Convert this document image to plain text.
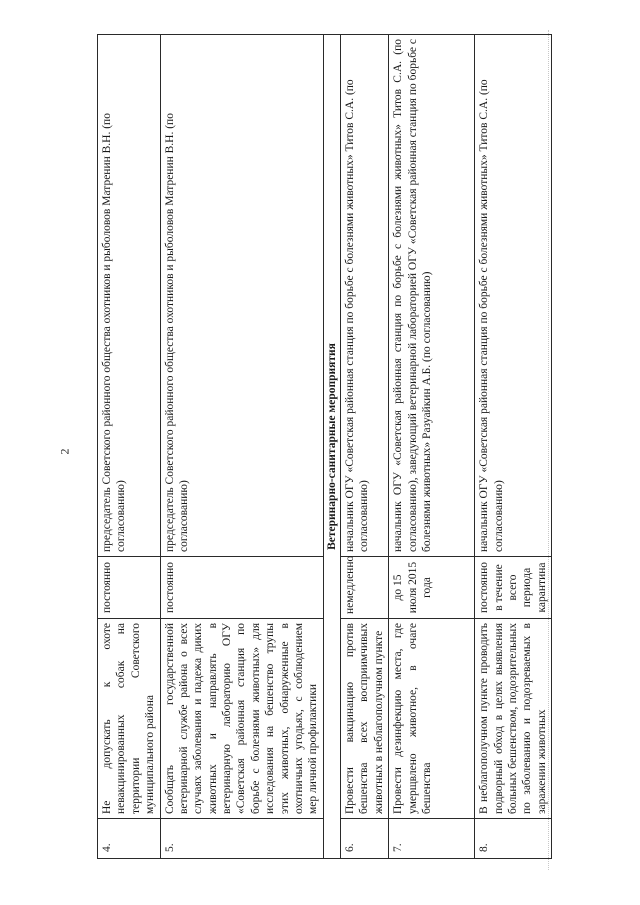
2
4.	Не допускать к охоте невакцинированных собак на территории Советского муниципального района	постоянно	председатель Советского районного общества охотников и рыболовов Матренин В.Н. (по согласованию)
5.	Сообщать государственной ветеринарной службе района о всех случаях заболевания и падежа диких животных и направлять в ветеринарную лабораторию ОГУ «Советская районная станция по борьбе с болезнями животных» для исследования на бешенство трупы этих животных, обнаруженные в охотничьих угодьях, с соблюдением мер личной профилактики	постоянно	председатель Советского районного общества охотников и рыболовов Матренин В.Н. (по согласованию)
Ветеринарно-санитарные мероприятия			
6.	Провести вакцинацию против бешенства всех восприимчивых животных в неблагополучном пункте	немедленно	начальник ОГУ «Советская районная станция по борьбе с болезнями животных» Титов С.А. (по согласованию)
7.	Провести дезинфекцию места, где умерщвлено животное, в очаге бешенства	до 15 июля 2015 года	начальник ОГУ «Советская районная станция по борьбе с болезнями животных» Титов С.А. (по согласованию), заведующий ветеринарной лабораторией ОГУ «Советская районная станция по борьбе с болезнями животных» Разуайкин А.Б. (по согласованию)
8.	В неблагополучном пункте проводить подворный обход в целях выявления больных бешенством, подозрительных по заболеванию и подозреваемых в заражении животных	постоянно в течение всего периода карантина	начальник ОГУ «Советская районная станция по борьбе с болезнями животных» Титов С.А. (по согласованию)
